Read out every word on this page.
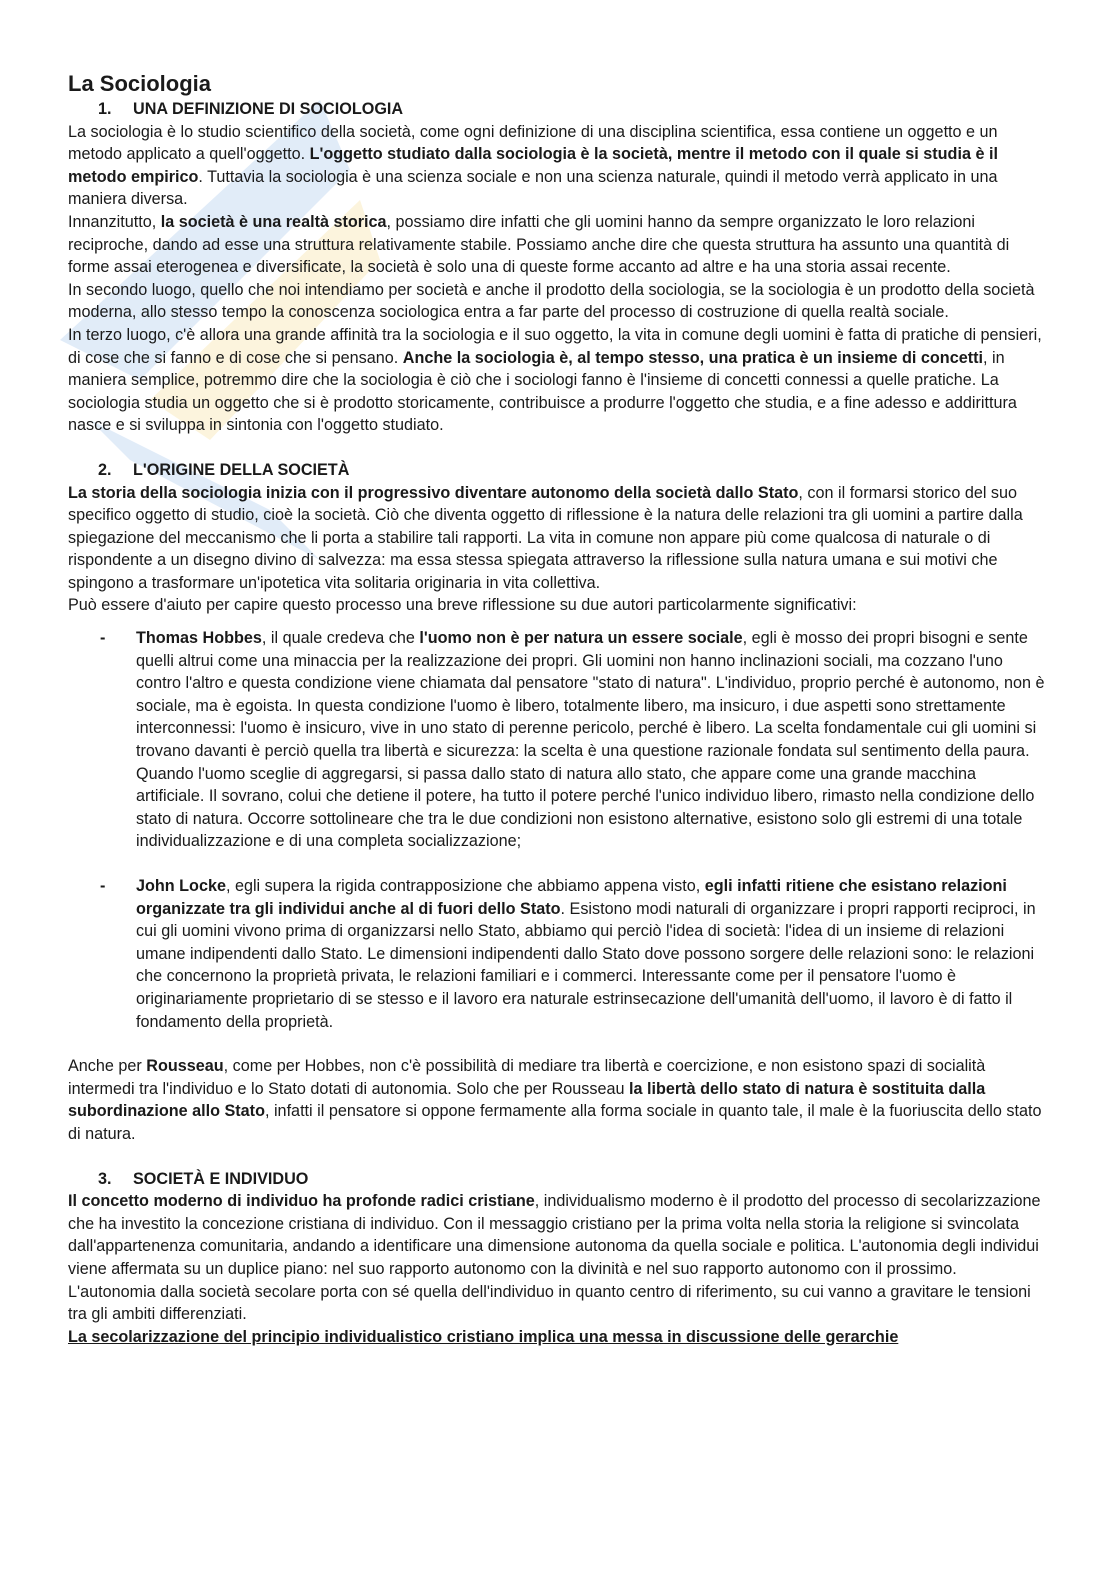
La Sociologia
1. UNA DEFINIZIONE DI SOCIOLOGIA

La sociologia è lo studio scientifico della società, come ogni definizione di una disciplina scientifica, essa contiene un oggetto e un metodo applicato a quell'oggetto. L'oggetto studiato dalla sociologia è la società, mentre il metodo con il quale si studia è il metodo empirico. Tuttavia la sociologia è una scienza sociale e non una scienza naturale, quindi il metodo verrà applicato in una maniera diversa.

Innanzitutto, la società è una realtà storica, possiamo dire infatti che gli uomini hanno da sempre organizzato le loro relazioni reciproche, dando ad esse una struttura relativamente stabile. Possiamo anche dire che questa struttura ha assunto una quantità di forme assai eterogenea e diversificate, la società è solo una di queste forme accanto ad altre e ha una storia assai recente.

In secondo luogo, quello che noi intendiamo per società e anche il prodotto della sociologia, se la sociologia è un prodotto della società moderna, allo stesso tempo la conoscenza sociologica entra a far parte del processo di costruzione di quella realtà sociale.

In terzo luogo, c'è allora una grande affinità tra la sociologia e il suo oggetto, la vita in comune degli uomini è fatta di pratiche di pensieri, di cose che si fanno e di cose che si pensano. Anche la sociologia è, al tempo stesso, una pratica è un insieme di concetti, in maniera semplice, potremmo dire che la sociologia è ciò che i sociologi fanno è l'insieme di concetti connessi a quelle pratiche. La sociologia studia un oggetto che si è prodotto storicamente, contribuisce a produrre l'oggetto che studia, e a fine adesso e addirittura nasce e si sviluppa in sintonia con l'oggetto studiato.

2. L'ORIGINE DELLA SOCIETÀ

La storia della sociologia inizia con il progressivo diventare autonomo della società dallo Stato, con il formarsi storico del suo specifico oggetto di studio, cioè la società. Ciò che diventa oggetto di riflessione è la natura delle relazioni tra gli uomini a partire dalla spiegazione del meccanismo che li porta a stabilire tali rapporti. La vita in comune non appare più come qualcosa di naturale o di rispondente a un disegno divino di salvezza: ma essa stessa spiegata attraverso la riflessione sulla natura umana e sui motivi che spingono a trasformare un'ipotetica vita solitaria originaria in vita collettiva.

Può essere d'aiuto per capire questo processo una breve riflessione su due autori particolarmente significativi:

- Thomas Hobbes, il quale credeva che l'uomo non è per natura un essere sociale, egli è mosso dei propri bisogni e sente quelli altrui come una minaccia per la realizzazione dei propri. Gli uomini non hanno inclinazioni sociali, ma cozzano l'uno contro l'altro e questa condizione viene chiamata dal pensatore "stato di natura". L'individuo, proprio perché è autonomo, non è sociale, ma è egoista. In questa condizione l'uomo è libero, totalmente libero, ma insicuro, i due aspetti sono strettamente interconnessi: l'uomo è insicuro, vive in uno stato di perenne pericolo, perché è libero. La scelta fondamentale cui gli uomini si trovano davanti è perciò quella tra libertà e sicurezza: la scelta è una questione razionale fondata sul sentimento della paura. Quando l'uomo sceglie di aggregarsi, si passa dallo stato di natura allo stato, che appare come una grande macchina artificiale. Il sovrano, colui che detiene il potere, ha tutto il potere perché l'unico individuo libero, rimasto nella condizione dello stato di natura. Occorre sottolineare che tra le due condizioni non esistono alternative, esistono solo gli estremi di una totale individualizzazione e di una completa socializzazione;
- John Locke, egli supera la rigida contrapposizione che abbiamo appena visto, egli infatti ritiene che esistano relazioni organizzate tra gli individui anche al di fuori dello Stato. Esistono modi naturali di organizzare i propri rapporti reciproci, in cui gli uomini vivono prima di organizzarsi nello Stato, abbiamo qui perciò l'idea di società: l'idea di un insieme di relazioni umane indipendenti dallo Stato. Le dimensioni indipendenti dallo Stato dove possono sorgere delle relazioni sono: le relazioni che concernono la proprietà privata, le relazioni familiari e i commerci. Interessante come per il pensatore l'uomo è originariamente proprietario di se stesso e il lavoro era naturale estrinsecazione dell'umanità dell'uomo, il lavoro è di fatto il fondamento della proprietà.

Anche per Rousseau, come per Hobbes, non c'è possibilità di mediare tra libertà e coercizione, e non esistono spazi di socialità intermedi tra l'individuo e lo Stato dotati di autonomia. Solo che per Rousseau la libertà dello stato di natura è sostituita dalla subordinazione allo Stato, infatti il pensatore si oppone fermamente alla forma sociale in quanto tale, il male è la fuoriuscita dello stato di natura.

3. SOCIETÀ E INDIVIDUO

Il concetto moderno di individuo ha profonde radici cristiane, individualismo moderno è il prodotto del processo di secolarizzazione che ha investito la concezione cristiana di individuo. Con il messaggio cristiano per la prima volta nella storia la religione si svincolata dall'appartenenza comunitaria, andando a identificare una dimensione autonoma da quella sociale e politica. L'autonomia degli individui viene affermata su un duplice piano: nel suo rapporto autonomo con la divinità e nel suo rapporto autonomo con il prossimo. L'autonomia dalla società secolare porta con sé quella dell'individuo in quanto centro di riferimento, su cui vanno a gravitare le tensioni tra gli ambiti differenziati.

La secolarizzazione del principio individualistico cristiano implica una messa in discussione delle gerarchie
